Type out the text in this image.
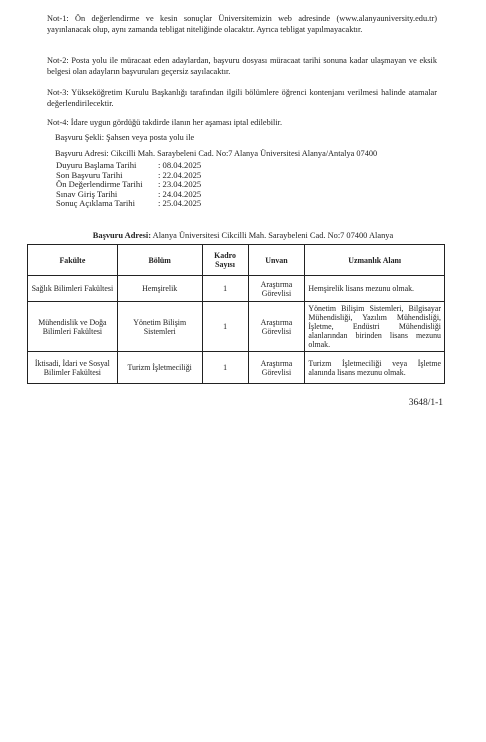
Not-1: Ön değerlendirme ve kesin sonuçlar Üniversitemizin web adresinde (www.alanyauniversity.edu.tr) yayınlanacak olup, aynı zamanda tebligat niteliğinde olacaktır. Ayrıca tebligat yapılmayacaktır.
Not-2: Posta yolu ile müracaat eden adaylardan, başvuru dosyası müracaat tarihi sonuna kadar ulaşmayan ve eksik belgesi olan adayların başvuruları geçersiz sayılacaktır.
Not-3: Yükseköğretim Kurulu Başkanlığı tarafından ilgili bölümlere öğrenci kontenjanı verilmesi halinde atamalar değerlendirilecektir.
Not-4: İdare uygun gördüğü takdirde ilanın her aşaması iptal edilebilir.
Başvuru Şekli: Şahsen veya posta yolu ile
Başvuru Adresi: Cikcilli Mah. Saraybeleni Cad. No:7 Alanya Üniversitesi Alanya/Antalya 07400
Duyuru Başlama Tarihi	: 08.04.2025
Son Başvuru Tarihi	: 22.04.2025
Ön Değerlendirme Tarihi	: 23.04.2025
Sınav Giriş Tarihi	: 24.04.2025
Sonuç Açıklama Tarihi	: 25.04.2025
Başvuru Adresi: Alanya Üniversitesi Cikcilli Mah. Saraybeleni Cad. No:7 07400 Alanya
Fakülte	Bölüm	Kadro Sayısı	Unvan	Uzmanlık Alanı
Sağlık Bilimleri Fakültesi	Hemşirelik	1	Araştırma Görevlisi	Hemşirelik lisans mezunu olmak.
Mühendislik ve Doğa Bilimleri Fakültesi	Yönetim Bilişim Sistemleri	1	Araştırma Görevlisi	Yönetim Bilişim Sistemleri, Bilgisayar Mühendisliği, Yazılım Mühendisliği, İşletme, Endüstri Mühendisliği alanlarından birinden lisans mezunu olmak.
İktisadi, İdari ve Sosyal Bilimler Fakültesi	Turizm İşletmeciliği	1	Araştırma Görevlisi	Turizm İşletmeciliği veya İşletme alanında lisans mezunu olmak.
3648/1-1
